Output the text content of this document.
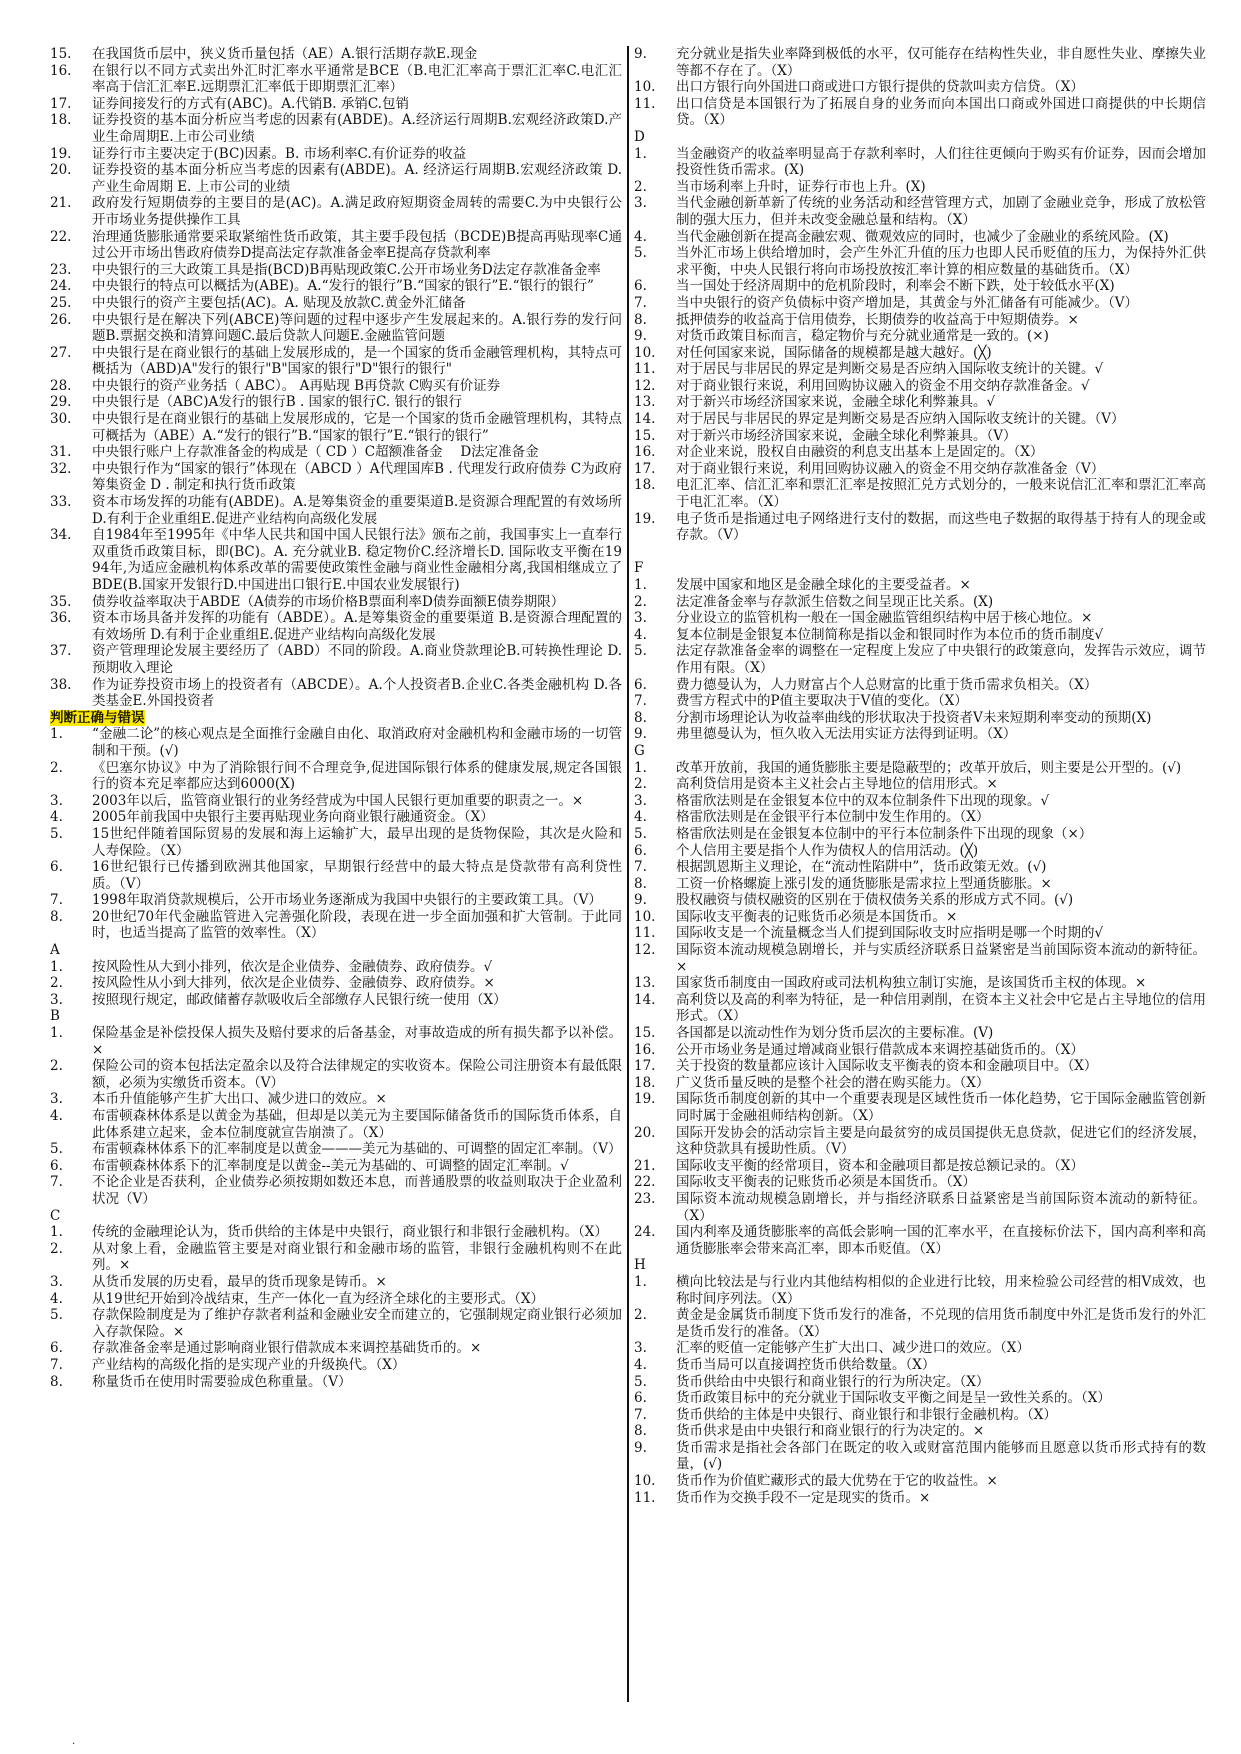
15.	在我国货币层中，狭义货币量包括（AE）A.银行活期存款E.现金
16.	在银行以不同方式卖出外汇时汇率水平通常是BCE（B.电汇汇率高于票汇汇率C.电汇汇率高于信汇汇率E.远期票汇汇率低于即期票汇汇率）
17.	证券间接发行的方式有(ABC)。A.代销B. 承销C.包销
18.	证券投资的基本面分析应当考虑的因素有(ABDE)。A.经济运行周期B.宏观经济政策D.产业生命周期E.上市公司业绩
19.	证券行市主要决定于(BC)因素。B. 市场利率C.有价证券的收益
20.	证券投资的基本面分析应当考虑的因素有(ABDE)。A. 经济运行周期B.宏观经济政策 D. 产业生命周期 E. 上市公司的业绩
21.	政府发行短期债券的主要目的是(AC)。A.满足政府短期资金周转的需要C.为中央银行公开市场业务提供操作工具
22.	治理通货膨胀通常要采取紧缩性货币政策，其主要手段包括（BCDE)B提高再贴现率C通过公开市场出售政府债券D提高法定存款准备金率E提高存贷款利率
23.	中央银行的三大政策工具是指(BCD)B再贴现政策C.公开市场业务D法定存款准备金率
24.	中央银行的特点可以概括为(ABE)。A.“发行的银行”B.“国家的银行”E.“银行的银行”
25.	中央银行的资产主要包括(AC)。A. 贴现及放款C.黄金外汇储备
26.	中央银行是在解决下列(ABCE)等问题的过程中逐步产生发展起来的。A.银行券的发行问题B.票据交换和清算问题C.最后贷款人问题E.金融监管问题
27.	中央银行是在商业银行的基础上发展形成的，是一个国家的货币金融管理机构，其特点可概括为（ABD)A"发行的银行"B"国家的银行"D"银行的银行"
28.	中央银行的资产业务括（ ABC）。 A再贴现 B再贷款 C购买有价证券
29.	中央银行是（ABC)A发行的银行B . 国家的银行C. 银行的银行
30.	中央银行是在商业银行的基础上发展形成的，它是一个国家的货币金融管理机构，其特点可概括为（ABE）A.“发行的银行”B.“国家的银行”E.“银行的银行”
31.	中央银行账户上存款准备金的构成是（ CD ）C超额准备金　 D法定准备金
32.	中央银行作为“国家的银行”体现在（ABCD ）A代理国库B . 代理发行政府债券 C为政府筹集资金 D . 制定和执行货币政策
33.	资本市场发挥的功能有(ABDE)。A.是筹集资金的重要渠道B.是资源合理配置的有效场所D.有利于企业重组E.促进产业结构向高级化发展
34.	自1984年至1995年《中华人民共和国中国人民银行法》颁布之前，我国事实上一直奉行双重货币政策目标，即(BC)。A. 充分就业B. 稳定物价C.经济增长D. 国际收支平衡在1994年,为适应金融机构体系改革的需要使政策性金融与商业性金融相分离,我国相继成立了BDE(B.国家开发银行D.中国进出口银行E.中国农业发展银行)
35.	债券收益率取决于ABDE（A债券的市场价格B票面利率D债券面额E债券期限）
36.	资本市场具备并发挥的功能有（ABDE）。A.是筹集资金的重要渠道 B.是资源合理配置的有效场所 D.有利于企业重组E.促进产业结构向高级化发展
37.	资产管理理论发展主要经历了（ABD）不同的阶段。A.商业贷款理论B.可转换性理论 D.预期收入理论
38.	作为证券投资市场上的投资者有（ABCDE）。A.个人投资者B.企业C.各类金融机构 D.各类基金E.外国投资者
判断正确与错误
1.	“金融二论”的核心观点是全面推行金融自由化、取消政府对金融机构和金融市场的一切管制和干预。(√)
2.	《巴塞尔协议》中为了消除银行间不合理竞争,促进国际银行体系的健康发展,规定各国银行的资本充足率都应达到6000(X)
3.	2003年以后，监管商业银行的业务经营成为中国人民银行更加重要的职责之一。×
4.	2005年前我国中央银行主要再贴现业务向商业银行融通资金。（X）
5.	15世纪伴随着国际贸易的发展和海上运输扩大，最早出现的是货物保险，其次是火险和人寿保险。（X）
6.	16世纪银行已传播到欧洲其他国家，早期银行经营中的最大特点是贷款带有高利贷性质。（V）
7.	1998年取消贷款规模后，公开市场业务逐渐成为我国中央银行的主要政策工具。（V）
8.	20世纪70年代金融监管进入完善强化阶段，表现在进一步全面加强和扩大管制。于此同时，也适当提高了监管的效率性。（X）
A
1.	按风险性从大到小排列，依次是企业债券、金融债券、政府债券。√
2.	按风险性从小到大排列，依次是企业债券、金融债券、政府债券。×
3.	按照现行规定，邮政储蓄存款吸收后全部缴存人民银行统一使用（X）
B
1.	保险基金是补偿投保人损失及赔付要求的后备基金，对事故造成的所有损失都予以补偿。×
2.	保险公司的资本包括法定盈余以及符合法律规定的实收资本。保险公司注册资本有最低限额，必须为实缴货币资本。（V）
3.	本币升值能够产生扩大出口、减少进口的效应。×
4.	布雷顿森林体系是以黄金为基础，但却是以美元为主要国际储备货币的国际货币体系，自此体系建立起来，金本位制度就宣告崩溃了。（X）
5.	布雷顿森林体系下的汇率制度是以黄金———美元为基础的、可调整的固定汇率制。（V）
6.	布雷顿森林体系下的汇率制度是以黄金--美元为基础的、可调整的固定汇率制。√
7.	不论企业是否获利，企业债券必须按期如数还本息，而普通股票的收益则取决于企业盈利状况（V）
C
1.	传统的金融理论认为，货币供给的主体是中央银行，商业银行和非银行金融机构。（X）
2.	从对象上看，金融监管主要是对商业银行和金融市场的监管，非银行金融机构则不在此列。×
3.	从货币发展的历史看，最早的货币现象是铸币。×
4.	从19世纪开始到冷战结束，生产一体化一直为经济全球化的主要形式。（X）
5.	存款保险制度是为了维护存款者利益和金融业安全而建立的，它强制规定商业银行必须加入存款保险。×
6.	存款准备金率是通过影响商业银行借款成本来调控基础货币的。×
7.	产业结构的高级化指的是实现产业的升级换代。（X）
8.	称量货币在使用时需要验成色称重量。（V）
9.	充分就业是指失业率降到极低的水平，仅可能存在结构性失业，非自愿性失业、摩擦失业等都不存在了。（X）
10.	出口方银行向外国进口商或进口方银行提供的贷款叫卖方信贷。（X）
11.	出口信贷是本国银行为了拓展自身的业务而向本国出口商或外国进口商提供的中长期信贷。（X）
D
1.	当金融资产的收益率明显高于存款利率时，人们往往更倾向于购买有价证券，因而会增加投资性货币需求。(X)
2.	当市场利率上升时，证券行市也上升。(X)
3.	当代金融创新革新了传统的业务活动和经营管理方式，加剧了金融业竞争，形成了放松管制的强大压力，但并未改变金融总量和结构。（X）
4.	当代金融创新在提高金融宏观、微观效应的同时，也减少了金融业的系统风险。(X)
5.	当外汇市场上供给增加时，会产生外汇升值的压力也即人民币贬值的压力，为保持外汇供求平衡，中央人民银行将向市场投放按汇率计算的相应数量的基础货币。（X）
6.	当一国处于经济周期中的危机阶段时，利率会不断下跌，处于较低水平(X)
7.	当中央银行的资产负债标中资产增加是，其黄金与外汇储备有可能减少。（V）
8.	抵押债券的收益高于信用债券，长期债券的收益高于中短期债券。×
9.	对货币政策目标而言，稳定物价与充分就业通常是一致的。(×)
10.	对任何国家来说，国际储备的规模都是越大越好。(╳)
11.	对于居民与非居民的界定是判断交易是否应纳入国际收支统计的关键。√
12.	对于商业银行来说，利用回购协议融入的资金不用交纳存款准备金。√
13.	对于新兴市场经济国家来说，金融全球化利弊兼具。√
14.	对于居民与非居民的界定是判断交易是否应纳入国际收支统计的关键。（V）
15.	对于新兴市场经济国家来说，金融全球化利弊兼具。（V）
16.	对企业来说，股权自由融资的利息支出基本上是固定的。（X）
17.	对于商业银行来说，利用回购协议融入的资金不用交纳存款准备金（V）
18.	电汇汇率、信汇汇率和票汇汇率是按照汇兑方式划分的，一般来说信汇汇率和票汇汇率高于电汇汇率。（X）
19.	电子货币是指通过电子网络进行支付的数据，而这些电子数据的取得基于持有人的现金或存款。（V）
F
1.	发展中国家和地区是金融全球化的主要受益者。×
2.	法定准备金率与存款派生倍数之间呈现正比关系。(X)
3.	分业设立的监管机构一般在一国金融监管组织结构中居于核心地位。×
4.	复本位制是金银复本位制简称是指以金和银同时作为本位币的货币制度√
5.	法定存款准备金率的调整在一定程度上发应了中央银行的政策意向，发挥告示效应，调节作用有限。（X）
6.	费力德曼认为，人力财富占个人总财富的比重于货币需求负相关。（X）
7.	费雪方程式中的P值主要取决于V值的变化。（X）
8.	分割市场理论认为收益率曲线的形状取决于投资者V未来短期利率变动的预期(X)
9.	弗里德曼认为，恒久收入无法用实证方法得到证明。（X）
G
1.	改革开放前，我国的通货膨胀主要是隐蔽型的；改革开放后，则主要是公开型的。(√)
2.	高利贷信用是资本主义社会占主导地位的信用形式。×
3.	格雷欣法则是在金银复本位中的双本位制条件下出现的现象。√
4.	格雷欣法则是在金银平行本位制中发生作用的。（X）
5.	格雷欣法则是在金银复本位制中的平行本位制条件下出现的现象（×）
6.	个人信用主要是指个人作为债权人的信用活动。(╳)
7.	根据凯恩斯主义理论，在“流动性陷阱中”，货币政策无效。(√)
8.	工资一价格螺旋上涨引发的通货膨胀是需求拉上型通货膨胀。×
9.	股权融资与债权融资的区别在于债权债务关系的形成方式不同。(√)
10.	国际收支平衡表的记账货币必须是本国货币。×
11.	国际收支是一个流量概念当人们提到国际收支时应指明是哪一个时期的√
12.	国际资本流动规模急剧增长，并与实质经济联系日益紧密是当前国际资本流动的新特征。×
13.	国家货币制度由一国政府或司法机构独立制订实施，是该国货币主权的体现。×
14.	高利贷以及高的利率为特征，是一种信用剥削，在资本主义社会中它是占主导地位的信用形式。（X）
15.	各国都是以流动性作为划分货币层次的主要标准。(V)
16.	公开市场业务是通过增减商业银行借款成本来调控基础货币的。（X）
17.	关于投资的数量都应该计入国际收支平衡表的资本和金融项目中。（X）
18.	广义货币量反映的是整个社会的潜在购买能力。（X）
19.	国际货币制度创新的其中一个重要表现是区域性货币一体化趋势，它于国际金融监管创新同时属于金融祖师结构创新。（X）
20.	国际开发协会的活动宗旨主要是向最贫穷的成员国提供无息贷款，促进它们的经济发展，这种贷款具有援助性质。（V）
21.	国际收支平衡的经常项目，资本和金融项目都是按总额记录的。（X）
22.	国际收支平衡表的记账货币必须是本国货币。（X）
23.	国际资本流动规模急剧增长，并与指经济联系日益紧密是当前国际资本流动的新特征。（X）
24.	国内利率及通货膨胀率的高低会影响一国的汇率水平，在直接标价法下，国内高利率和高通货膨胀率会带来高汇率，即本币贬值。（X）
H
1.	横向比较法是与行业内其他结构相似的企业进行比较，用来检验公司经营的相V成效，也称时间序列法。（X）
2.	黄金是金属货币制度下货币发行的准备，不兑现的信用货币制度中外汇是货币发行的外汇是货币发行的准备。（X）
3.	汇率的贬值一定能够产生扩大出口、减少进口的效应。（X）
4.	货币当局可以直接调控货币供给数量。（X）
5.	货币供给由中央银行和商业银行的行为所决定。（X）
6.	货币政策目标中的充分就业于国际收支平衡之间是呈一致性关系的。（X）
7.	货币供给的主体是中央银行、商业银行和非银行金融机构。（X）
8.	货币供求是由中央银行和商业银行的行为决定的。×
9.	货币需求是指社会各部门在既定的收入或财富范围内能够而且愿意以货币形式持有的数量，(√)
10.	货币作为价值贮藏形式的最大优势在于它的收益性。×
11.	货币作为交换手段不一定是现实的货币。×
.
